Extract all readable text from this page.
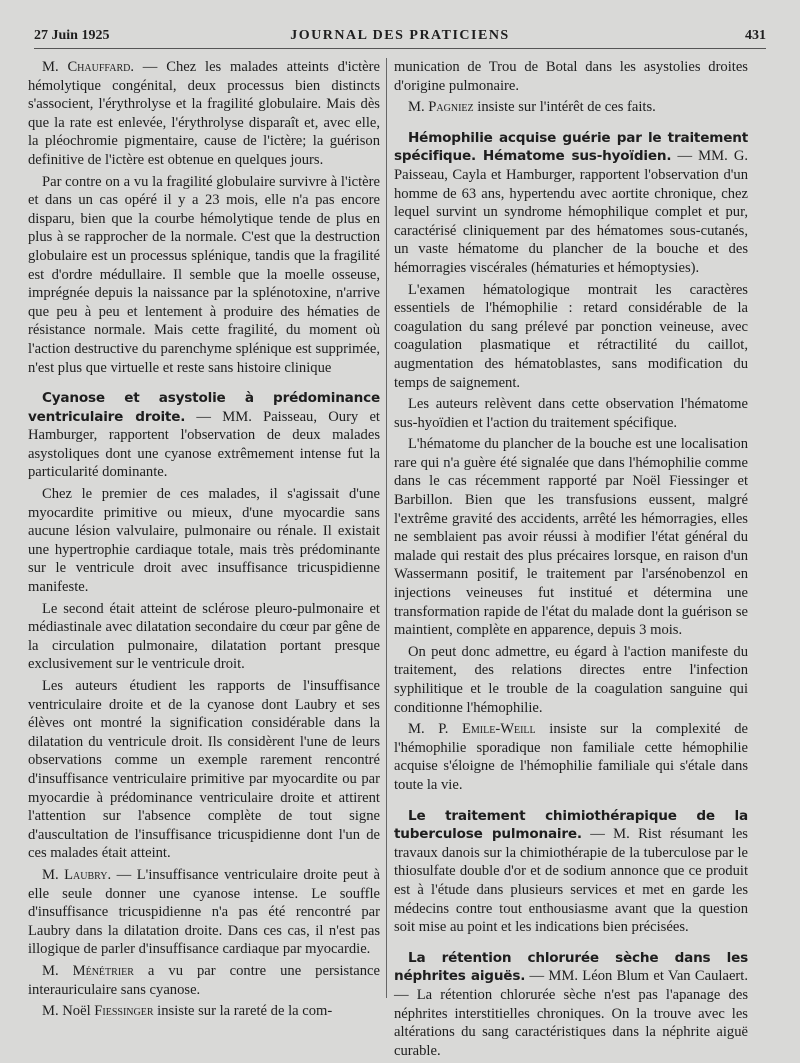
27 Juin 1925	JOURNAL DES PRATICIENS	431

M. Chauffard. — Chez les malades atteints d'ictère hémolytique congénital, deux processus bien distincts s'associent, l'érythrolyse et la fragilité globulaire. Mais dès que la rate est enlevée, l'érythrolyse disparaît et, avec elle, la pléochromie pigmentaire, cause de l'ictère; la guérison definitive de l'ictère est obtenue en quelques jours.

Par contre on a vu la fragilité globulaire survivre à l'ictère et dans un cas opéré il y a 23 mois, elle n'a pas encore disparu, bien que la courbe hémolytique tende de plus en plus à se rapprocher de la normale. C'est que la destruction globulaire est un processus splénique, tandis que la fragilité est d'ordre médullaire. Il semble que la moelle osseuse, imprégnée depuis la naissance par la splénotoxine, n'arrive que peu à peu et lentement à produire des hématies de résistance normale. Mais cette fragilité, du moment où l'action destructive du parenchyme splénique est supprimée, n'est plus que virtuelle et reste sans histoire clinique

Cyanose et asystolie à prédominance ventriculaire droite. — MM. Paisseau, Oury et Hamburger, rapportent l'observation de deux malades asystoliques dont une cyanose extrêmement intense fut la particularité dominante.

Chez le premier de ces malades, il s'agissait d'une myocardite primitive ou mieux, d'une myocardie sans aucune lésion valvulaire, pulmonaire ou rénale. Il existait une hypertrophie cardiaque totale, mais très prédominante sur le ventricule droit avec insuffisance tricuspidienne manifeste.

Le second était atteint de sclérose pleuro-pulmonaire et médiastinale avec dilatation secondaire du cœur par gêne de la circulation pulmonaire, dilatation portant presque exclusivement sur le ventricule droit.

Les auteurs étudient les rapports de l'insuffisance ventriculaire droite et de la cyanose dont Laubry et ses élèves ont montré la signification considérable dans la dilatation du ventricule droit. Ils considèrent l'une de leurs observations comme un exemple rarement rencontré d'insuffisance ventriculaire primitive par myocardite ou par myocardie à prédominance ventriculaire droite et attirent l'attention sur l'absence complète de tout signe d'auscultation de l'insuffisance tricuspidienne dont l'un de ces malades était atteint.

M. Laubry. — L'insuffisance ventriculaire droite peut à elle seule donner une cyanose intense. Le souffle d'insuffisance tricuspidienne n'a pas été rencontré par Laubry dans la dilatation droite. Dans ces cas, il n'est pas illogique de parler d'insuffisance cardiaque par myocardie.

M. Ménétrier a vu par contre une persistance interauriculaire sans cyanose.

M. Noël Fiessinger insiste sur la rareté de la com-

munication de Trou de Botal dans les asystolies droites d'origine pulmonaire.

M. Pagniez insiste sur l'intérêt de ces faits.

Hémophilie acquise guérie par le traitement spécifique. Hématome sus-hyoïdien. — MM. G. Paisseau, Cayla et Hamburger, rapportent l'observation d'un homme de 63 ans, hypertendu avec aortite chronique, chez lequel survint un syndrome hémophilique complet et pur, caractérisé cliniquement par des hématomes sous-cutanés, un vaste hématome du plancher de la bouche et des hémorragies viscérales (hématuries et hémoptysies).

L'examen hématologique montrait les caractères essentiels de l'hémophilie : retard considérable de la coagulation du sang prélevé par ponction veineuse, avec coagulation plasmatique et rétractilité du caillot, augmentation des hématoblastes, sans modification du temps de saignement.

Les auteurs relèvent dans cette observation l'hématome sus-hyoïdien et l'action du traitement spécifique.

L'hématome du plancher de la bouche est une localisation rare qui n'a guère été signalée que dans l'hémophilie comme dans le cas récemment rapporté par Noël Fiessinger et Barbillon. Bien que les transfusions eussent, malgré l'extrême gravité des accidents, arrêté les hémorragies, elles ne semblaient pas avoir réussi à modifier l'état général du malade qui restait des plus précaires lorsque, en raison d'un Wassermann positif, le traitement par l'arsénobenzol en injections veineuses fut institué et détermina une transformation rapide de l'état du malade dont la guérison se maintient, complète en apparence, depuis 3 mois.

On peut donc admettre, eu égard à l'action manifeste du traitement, des relations directes entre l'infection syphilitique et le trouble de la coagulation sanguine qui conditionne l'hémophilie.

M. P. Emile-Weill insiste sur la complexité de l'hémophilie sporadique non familiale cette hémophilie acquise s'éloigne de l'hémophilie familiale qui s'étale dans toute la vie.

Le traitement chimiothérapique de la tuberculose pulmonaire. — M. Rist résumant les travaux danois sur la chimiothérapie de la tuberculose par le thiosulfate double d'or et de sodium annonce que ce produit est à l'étude dans plusieurs services et met en garde les médecins contre tout enthousiasme avant que la question soit mise au point et les indications bien précisées.

La rétention chlorurée sèche dans les néphrites aiguës. — MM. Léon Blum et Van Caulaert. — La rétention chlorurée sèche n'est pas l'apanage des néphrites interstitielles chroniques. On la trouve avec les altérations du sang caractéristiques dans la néphrite aiguë curable.
